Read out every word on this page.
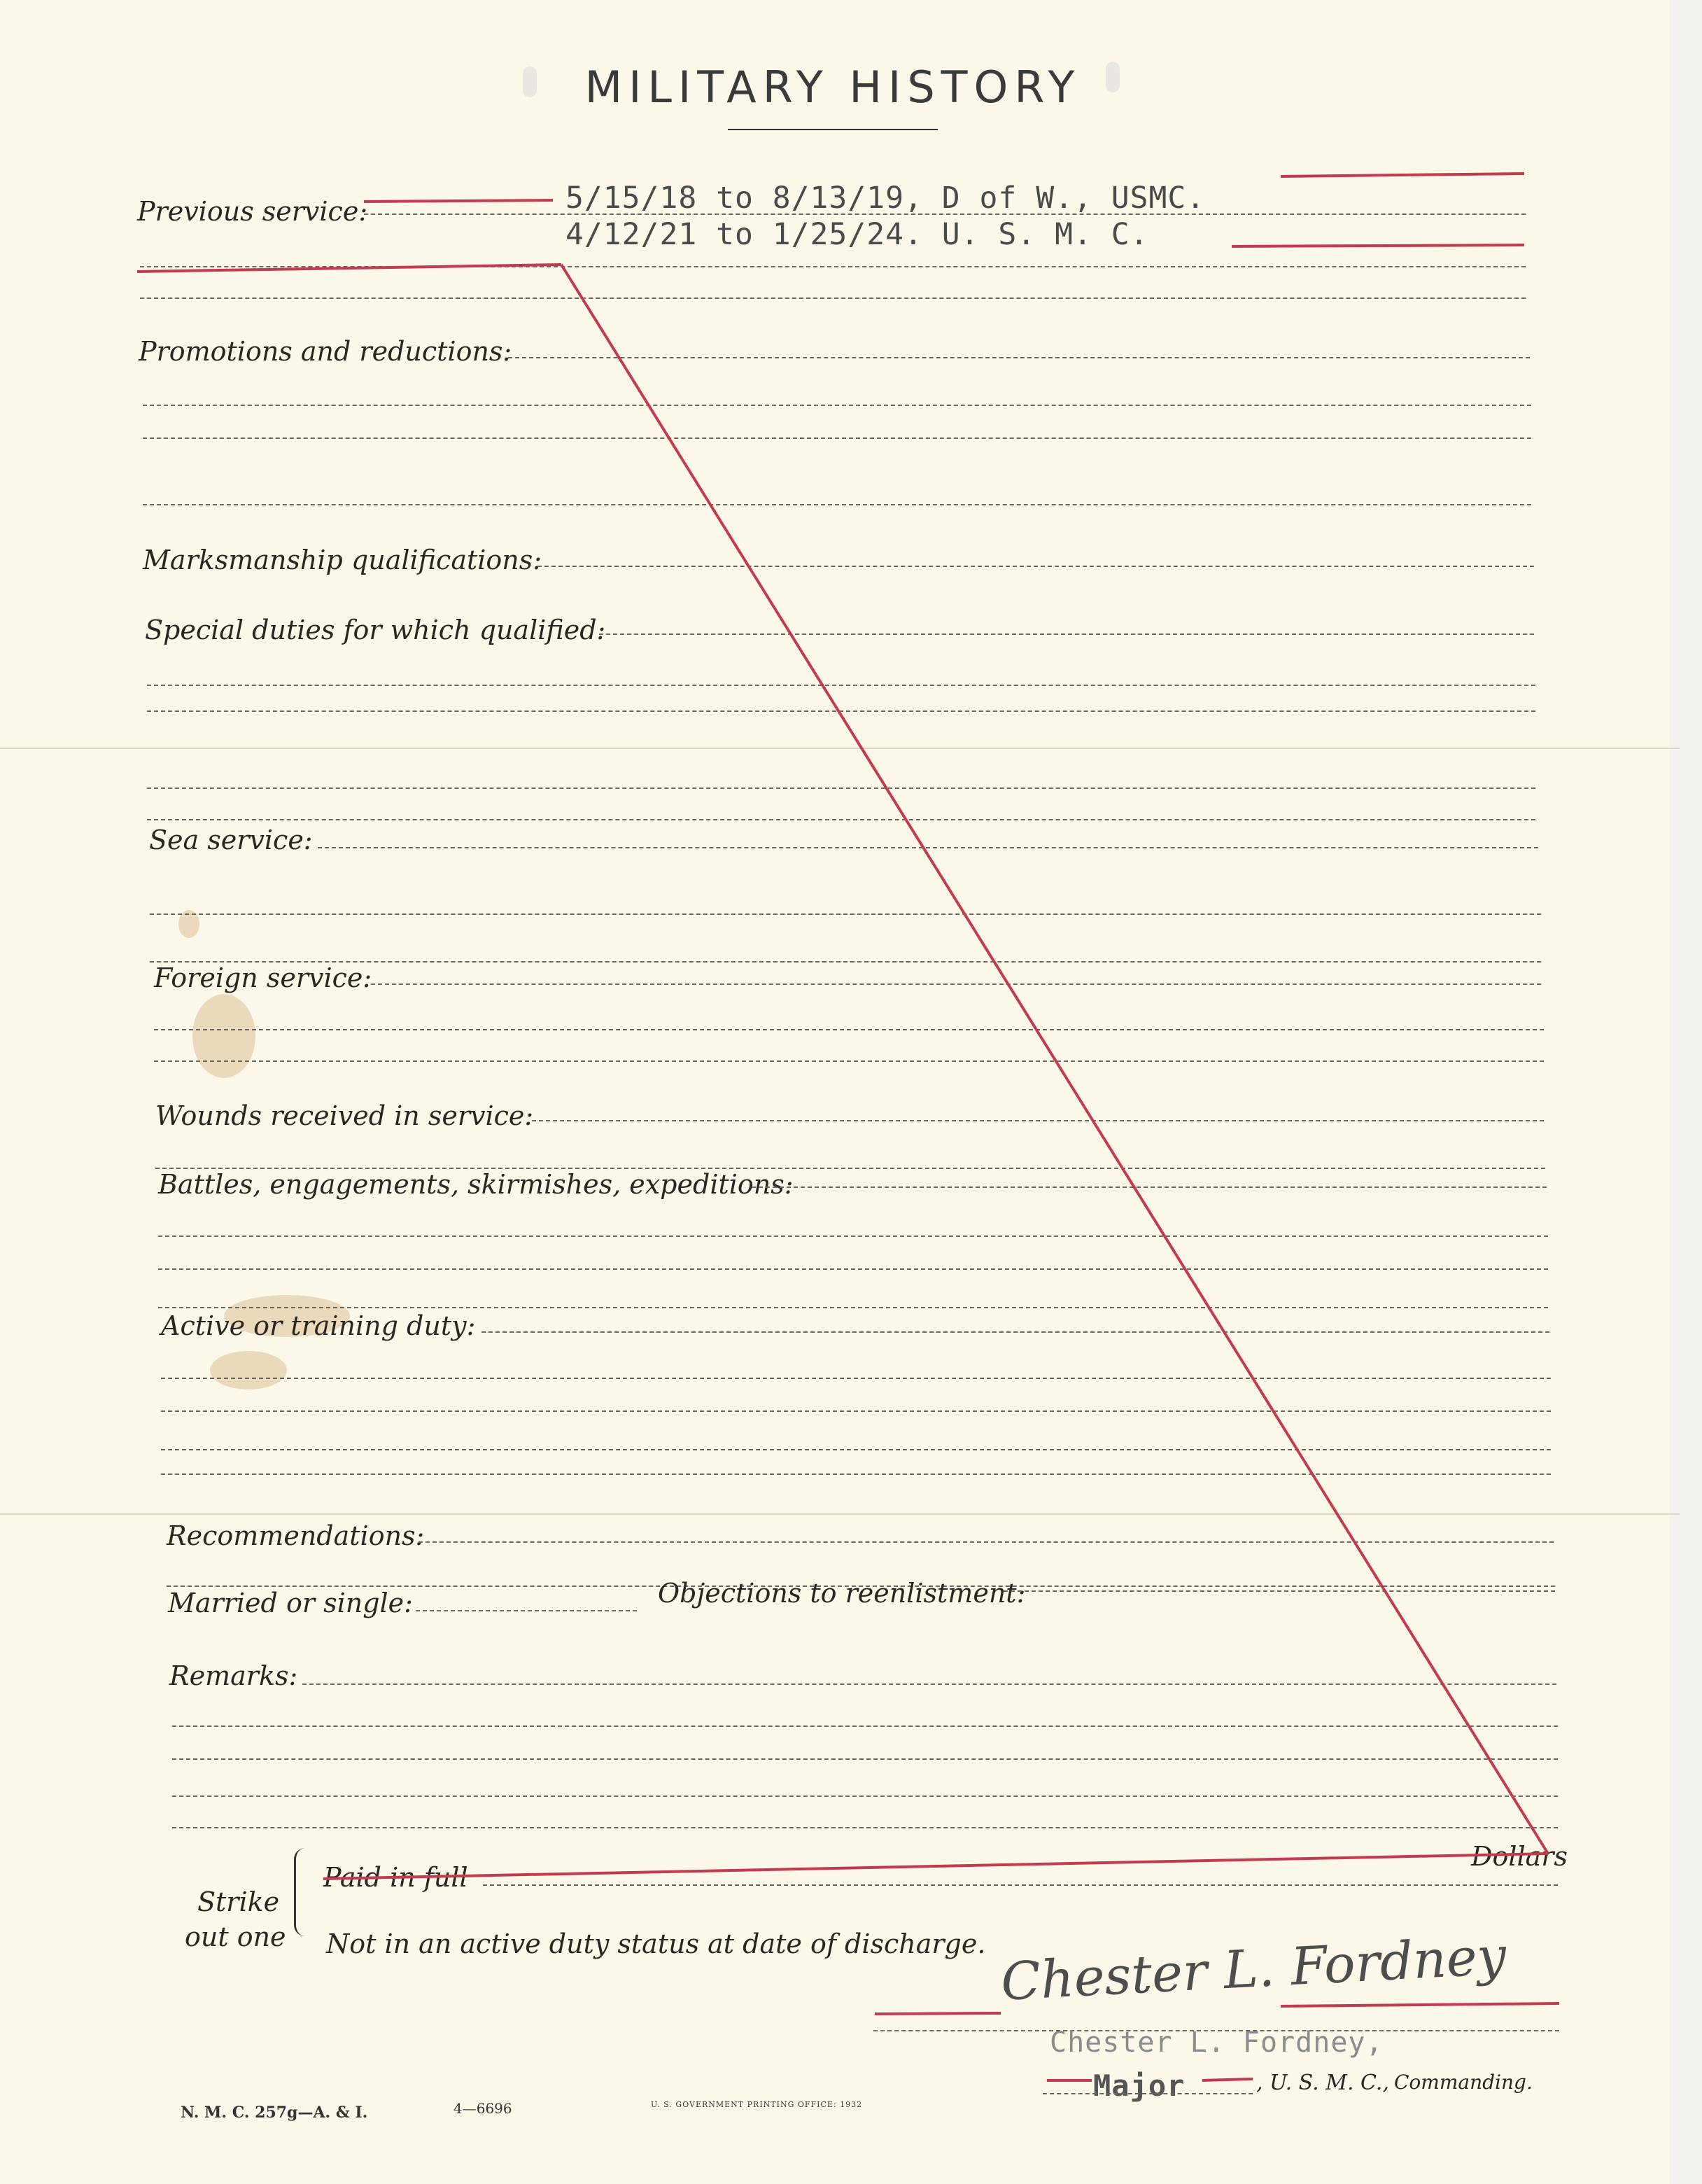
MILITARY HISTORY
Previous service:	5/15/18 to 8/13/19, D of W., USMC.
4/12/21 to 1/25/24. U. S. M. C.
Promotions and reductions:
Marksmanship qualifications:
Special duties for which qualified:
Sea service:
Foreign service:
Wounds received in service:
Battles, engagements, skirmishes, expeditions:
Active or training duty:
Recommendations:
Married or single:	Objections to reenlistment:
Remarks:
Strike
out one
Paid in full
Dollars
Not in an active duty status at date of discharge. Chester L. Fordney
Chester L. Fordney,
Major	, U. S. M. C., Commanding.
N. M. C. 257g—A. & I.	4—6696	U. S. GOVERNMENT PRINTING OFFICE: 1932
